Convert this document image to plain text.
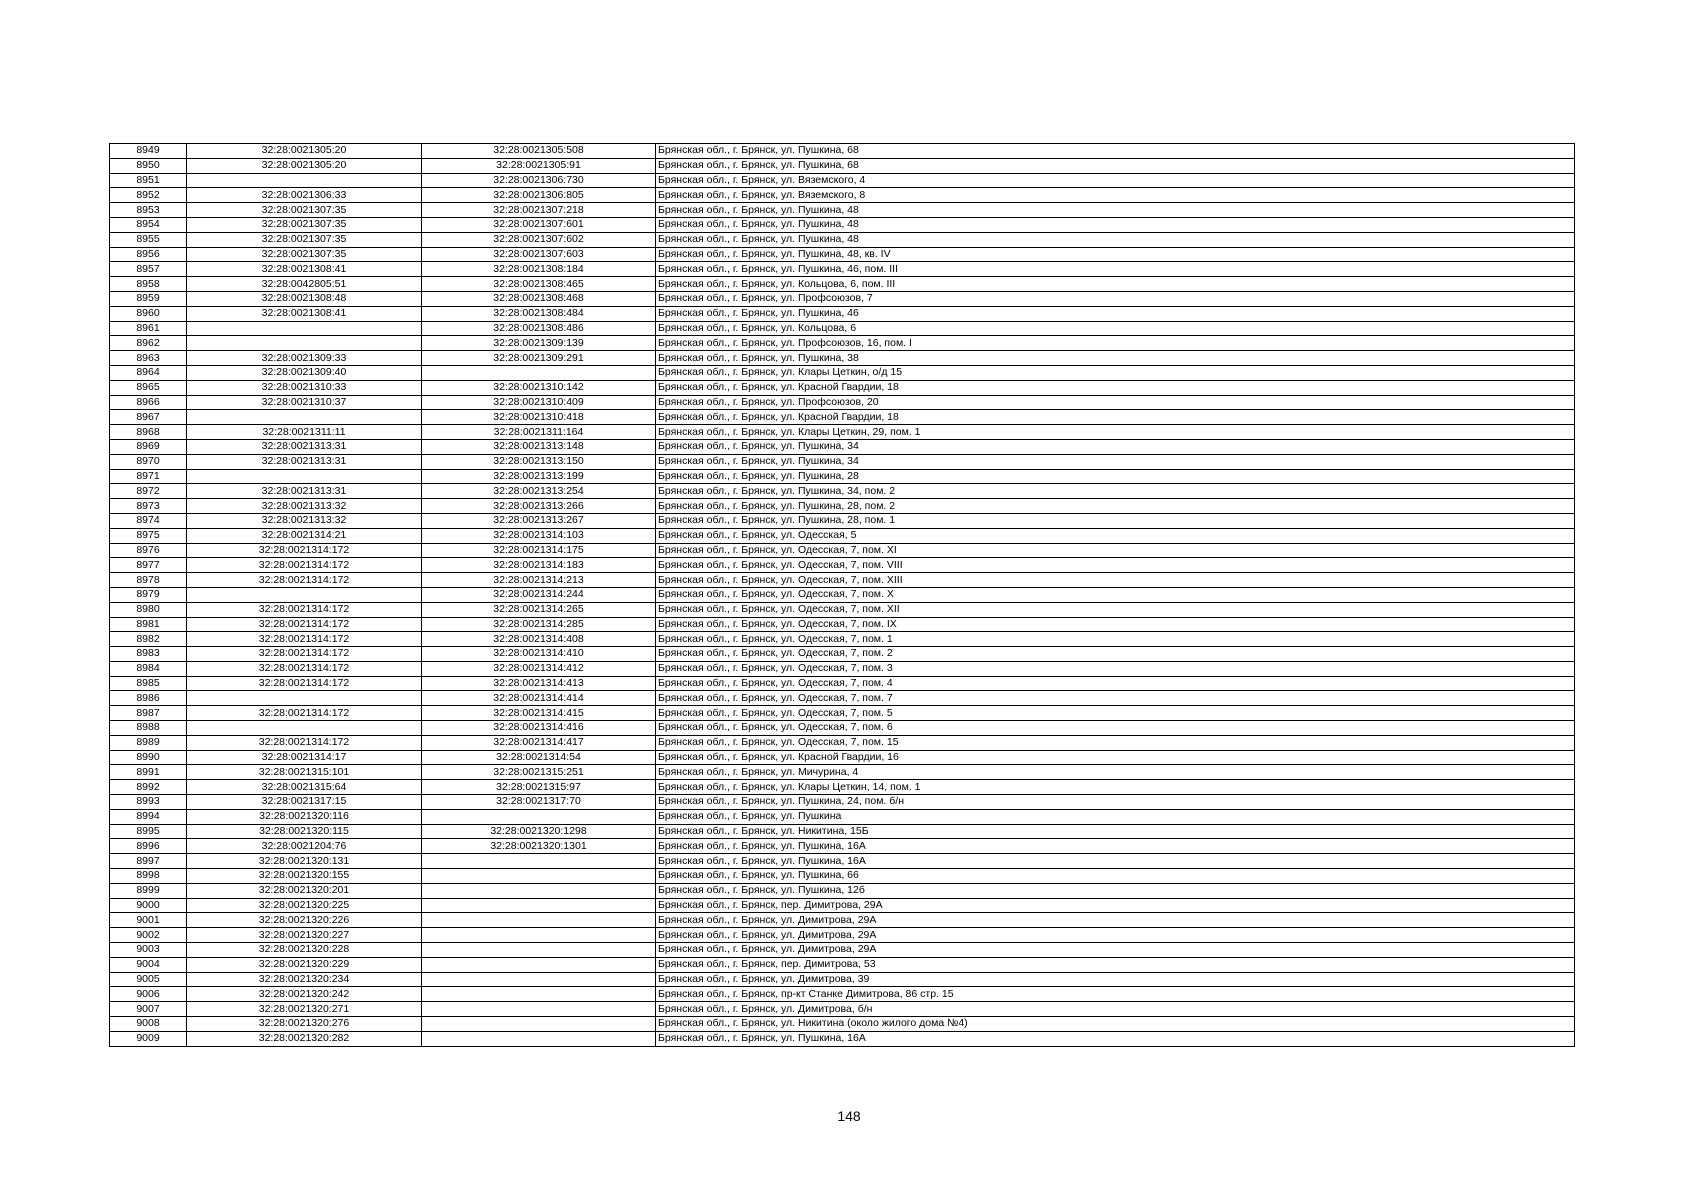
8949	32:28:0021305:20	32:28:0021305:508	Брянская обл., г. Брянск, ул. Пушкина, 68
8950	32:28:0021305:20	32:28:0021305:91	Брянская обл., г. Брянск, ул. Пушкина, 68
8951		32:28:0021306:730	Брянская обл., г. Брянск, ул. Вяземского, 4
8952	32:28:0021306:33	32:28:0021306:805	Брянская обл., г. Брянск, ул. Вяземского, 8
8953	32:28:0021307:35	32:28:0021307:218	Брянская обл., г. Брянск, ул. Пушкина, 48
8954	32:28:0021307:35	32:28:0021307:601	Брянская обл., г. Брянск, ул. Пушкина, 48
8955	32:28:0021307:35	32:28:0021307:602	Брянская обл., г. Брянск, ул. Пушкина, 48
8956	32:28:0021307:35	32:28:0021307:603	Брянская обл., г. Брянск, ул. Пушкина, 48, кв. IV
8957	32:28:0021308:41	32:28:0021308:184	Брянская обл., г. Брянск, ул. Пушкина, 46, пом. III
8958	32:28:0042805:51	32:28:0021308:465	Брянская обл., г. Брянск, ул. Кольцова, 6, пом. III
8959	32:28:0021308:48	32:28:0021308:468	Брянская обл., г. Брянск, ул. Профсоюзов, 7
8960	32:28:0021308:41	32:28:0021308:484	Брянская обл., г. Брянск, ул. Пушкина, 46
8961		32:28:0021308:486	Брянская обл., г. Брянск, ул. Кольцова, 6
8962		32:28:0021309:139	Брянская обл., г. Брянск, ул. Профсоюзов, 16, пом. I
8963	32:28:0021309:33	32:28:0021309:291	Брянская обл., г. Брянск, ул. Пушкина, 38
8964	32:28:0021309:40		Брянская обл., г. Брянск, ул. Клары Цеткин, о/д 15
8965	32:28:0021310:33	32:28:0021310:142	Брянская обл., г. Брянск, ул. Красной Гвардии, 18
8966	32:28:0021310:37	32:28:0021310:409	Брянская обл., г. Брянск, ул. Профсоюзов, 20
8967		32:28:0021310:418	Брянская обл., г. Брянск, ул. Красной Гвардии, 18
8968	32:28:0021311:11	32:28:0021311:164	Брянская обл., г. Брянск, ул. Клары Цеткин, 29, пом. 1
8969	32:28:0021313:31	32:28:0021313:148	Брянская обл., г. Брянск, ул. Пушкина, 34
8970	32:28:0021313:31	32:28:0021313:150	Брянская обл., г. Брянск, ул. Пушкина, 34
8971		32:28:0021313:199	Брянская обл., г. Брянск, ул. Пушкина, 28
8972	32:28:0021313:31	32:28:0021313:254	Брянская обл., г. Брянск, ул. Пушкина, 34, пом. 2
8973	32:28:0021313:32	32:28:0021313:266	Брянская обл., г. Брянск, ул. Пушкина, 28, пом. 2
8974	32:28:0021313:32	32:28:0021313:267	Брянская обл., г. Брянск, ул. Пушкина, 28, пом. 1
8975	32:28:0021314:21	32:28:0021314:103	Брянская обл., г. Брянск, ул. Одесская, 5
8976	32:28:0021314:172	32:28:0021314:175	Брянская обл., г. Брянск, ул. Одесская, 7, пом. XI
8977	32:28:0021314:172	32:28:0021314:183	Брянская обл., г. Брянск, ул. Одесская, 7, пом. VIII
8978	32:28:0021314:172	32:28:0021314:213	Брянская обл., г. Брянск, ул. Одесская, 7, пом. XIII
8979		32:28:0021314:244	Брянская обл., г. Брянск, ул. Одесская, 7, пом. X
8980	32:28:0021314:172	32:28:0021314:265	Брянская обл., г. Брянск, ул. Одесская, 7, пом. XII
8981	32:28:0021314:172	32:28:0021314:285	Брянская обл., г. Брянск, ул. Одесская, 7, пом. IX
8982	32:28:0021314:172	32:28:0021314:408	Брянская обл., г. Брянск, ул. Одесская, 7, пом. 1
8983	32:28:0021314:172	32:28:0021314:410	Брянская обл., г. Брянск, ул. Одесская, 7, пом. 2
8984	32:28:0021314:172	32:28:0021314:412	Брянская обл., г. Брянск, ул. Одесская, 7, пом. 3
8985	32:28:0021314:172	32:28:0021314:413	Брянская обл., г. Брянск, ул. Одесская, 7, пом. 4
8986		32:28:0021314:414	Брянская обл., г. Брянск, ул. Одесская, 7, пом. 7
8987	32:28:0021314:172	32:28:0021314:415	Брянская обл., г. Брянск, ул. Одесская, 7, пом. 5
8988		32:28:0021314:416	Брянская обл., г. Брянск, ул. Одесская, 7, пом. 6
8989	32:28:0021314:172	32:28:0021314:417	Брянская обл., г. Брянск, ул. Одесская, 7, пом. 15
8990	32:28:0021314:17	32:28:0021314:54	Брянская обл., г. Брянск, ул. Красной Гвардии, 16
8991	32:28:0021315:101	32:28:0021315:251	Брянская обл., г. Брянск, ул. Мичурина, 4
8992	32:28:0021315:64	32:28:0021315:97	Брянская обл., г. Брянск, ул. Клары Цеткин, 14, пом. 1
8993	32:28:0021317:15	32:28:0021317:70	Брянская обл., г. Брянск, ул. Пушкина, 24, пом. б/н
8994	32:28:0021320:116		Брянская обл., г. Брянск, ул. Пушкина
8995	32:28:0021320:115	32:28:0021320:1298	Брянская обл., г. Брянск, ул. Никитина, 15Б
8996	32:28:0021204:76	32:28:0021320:1301	Брянская обл., г. Брянск, ул. Пушкина, 16А
8997	32:28:0021320:131		Брянская обл., г. Брянск, ул. Пушкина, 16А
8998	32:28:0021320:155		Брянская обл., г. Брянск, ул. Пушкина, 66
8999	32:28:0021320:201		Брянская обл., г. Брянск, ул. Пушкина, 12б
9000	32:28:0021320:225		Брянская обл., г. Брянск, пер. Димитрова, 29А
9001	32:28:0021320:226		Брянская обл., г. Брянск, ул. Димитрова, 29А
9002	32:28:0021320:227		Брянская обл., г. Брянск, ул. Димитрова, 29А
9003	32:28:0021320:228		Брянская обл., г. Брянск, ул. Димитрова, 29А
9004	32:28:0021320:229		Брянская обл., г. Брянск, пер. Димитрова, 53
9005	32:28:0021320:234		Брянская обл., г. Брянск, ул. Димитрова, 39
9006	32:28:0021320:242		Брянская обл., г. Брянск, пр-кт Станке Димитрова, 86 стр. 15
9007	32:28:0021320:271		Брянская обл., г. Брянск, ул. Димитрова, б/н
9008	32:28:0021320:276		Брянская обл., г. Брянск, ул. Никитина (около жилого дома №4)
9009	32:28:0021320:282		Брянская обл., г. Брянск, ул. Пушкина, 16А
148
